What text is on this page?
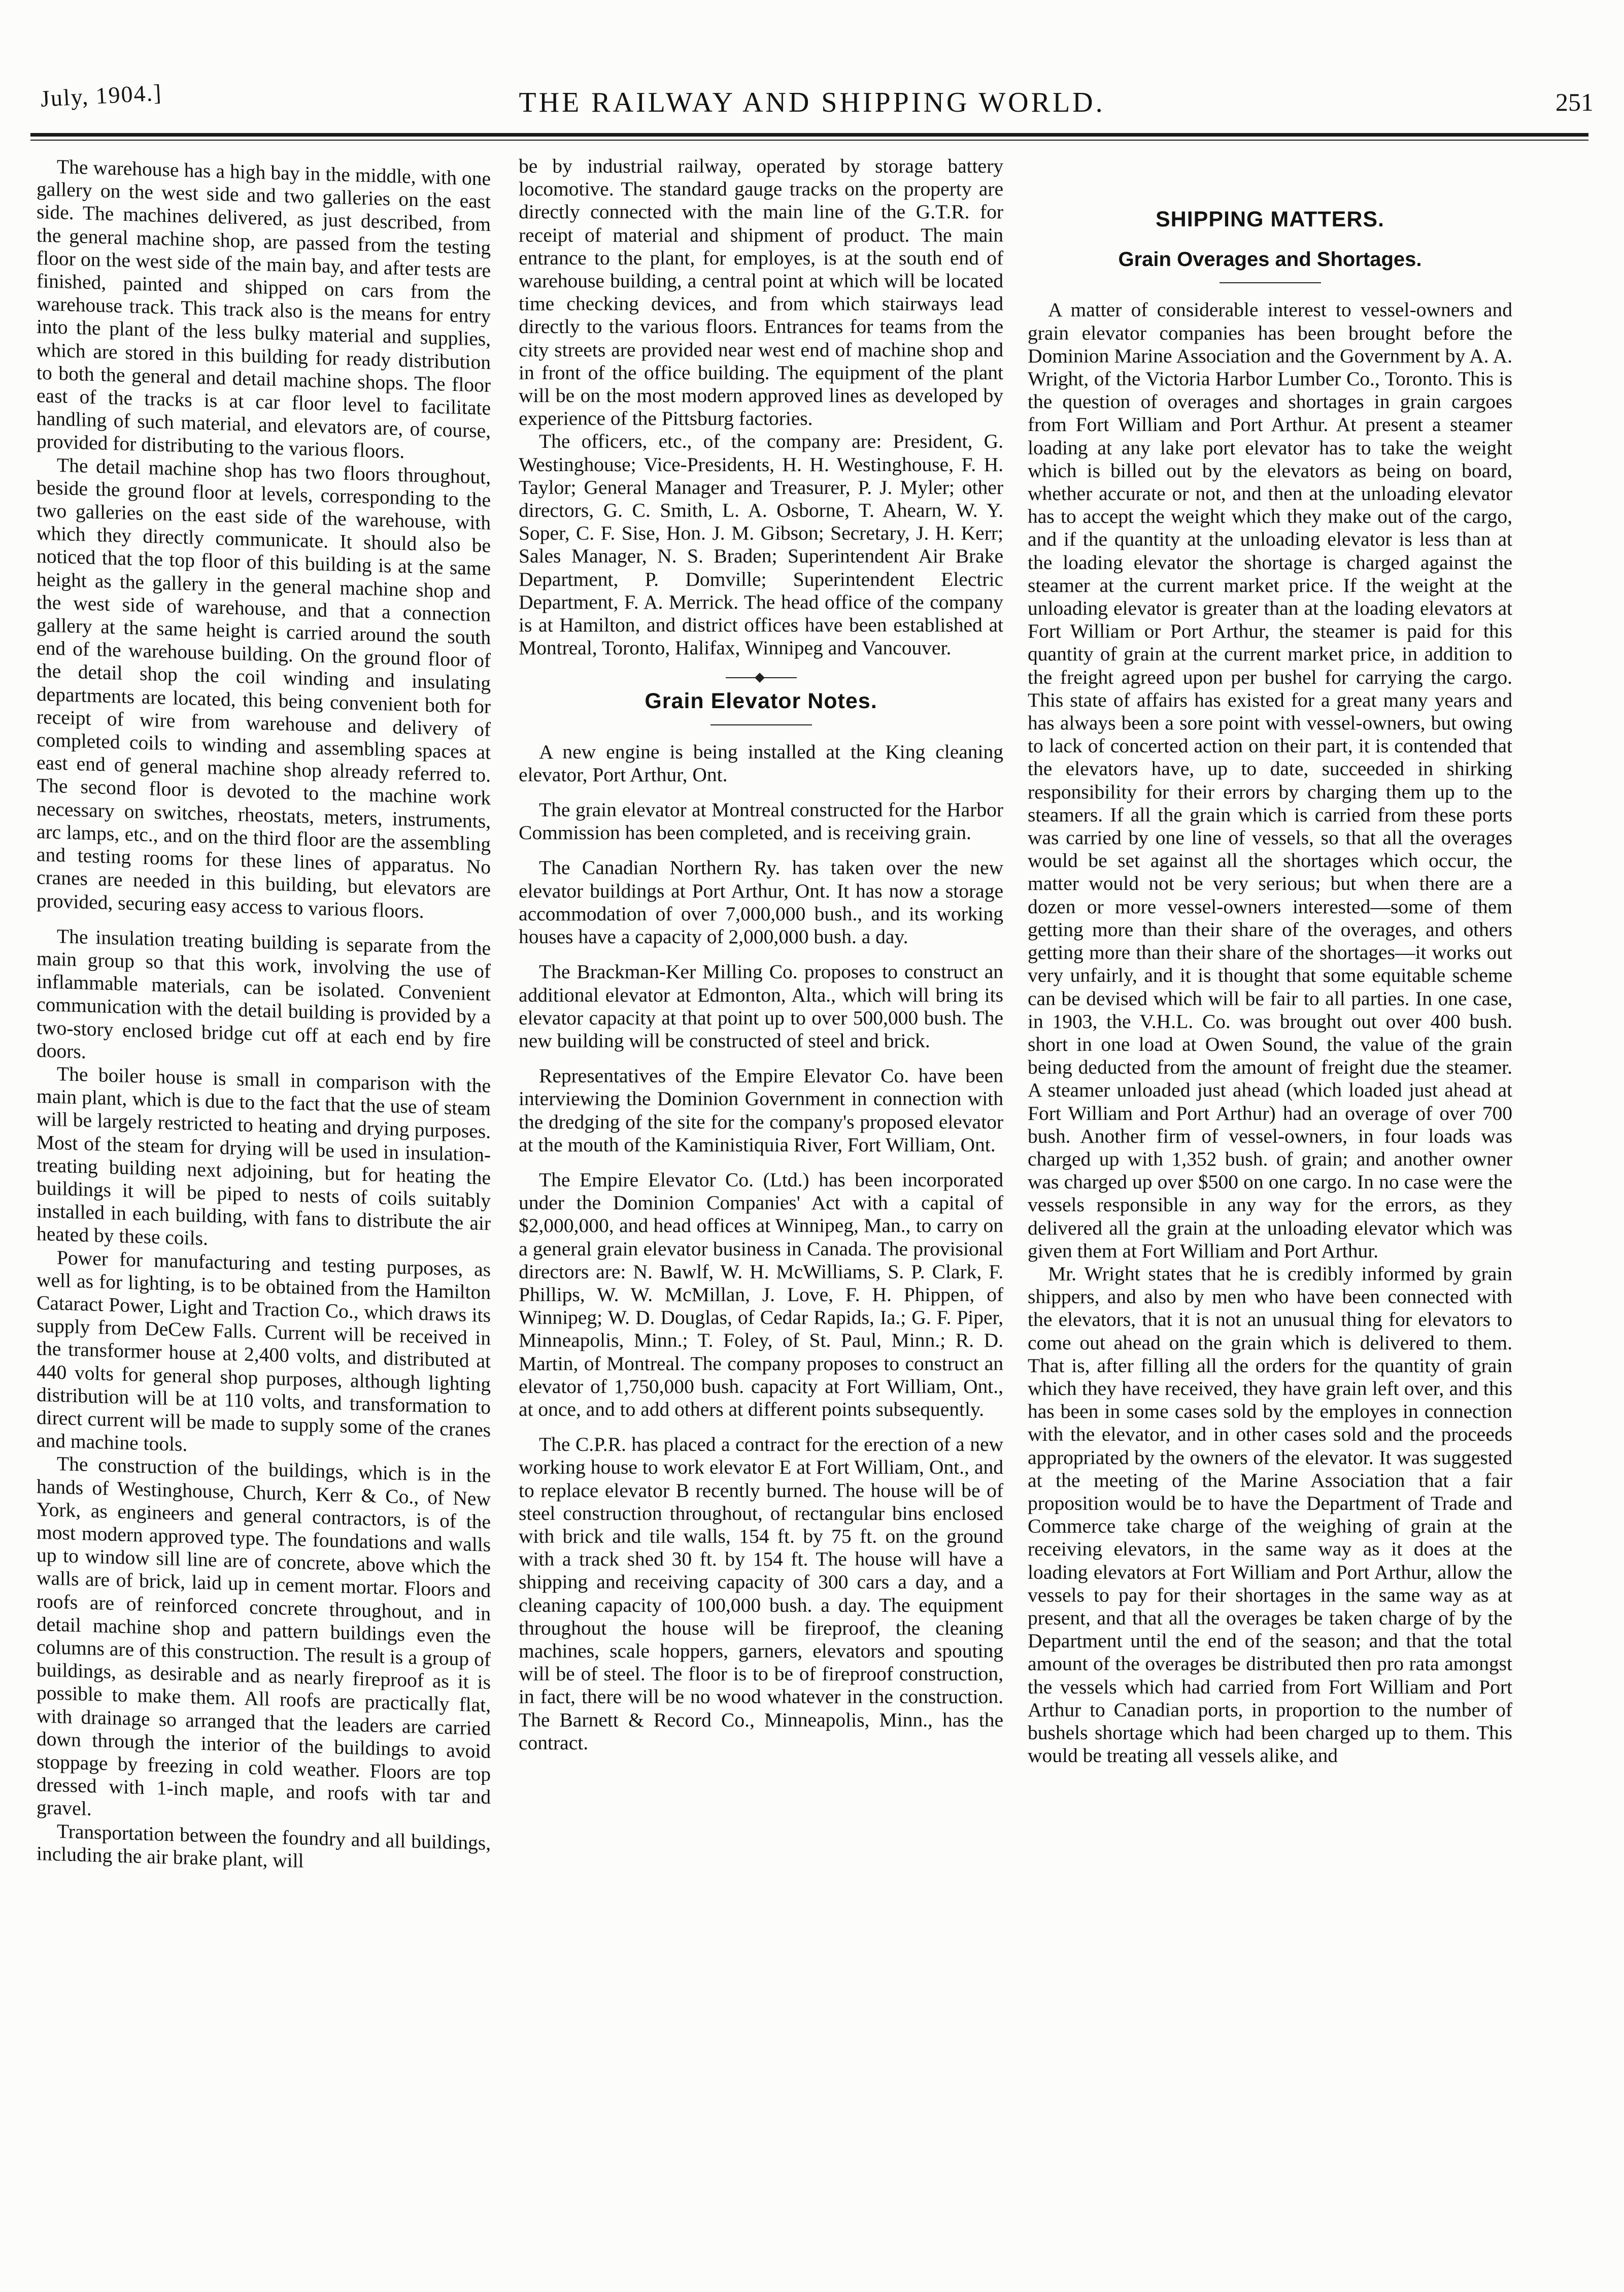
July, 1904.]	THE RAILWAY AND SHIPPING WORLD.	251

The warehouse has a high bay in the middle, with one gallery on the west side and two galleries on the east side. The machines delivered, as just described, from the general machine shop, are passed from the testing floor on the west side of the main bay, and after tests are finished, painted and shipped on cars from the warehouse track. This track also is the means for entry into the plant of the less bulky material and supplies, which are stored in this building for ready distribution to both the general and detail machine shops. The floor east of the tracks is at car floor level to facilitate handling of such material, and elevators are, of course, provided for distributing to the various floors.

The detail machine shop has two floors throughout, beside the ground floor at levels, corresponding to the two galleries on the east side of the warehouse, with which they directly communicate. It should also be noticed that the top floor of this building is at the same height as the gallery in the general machine shop and the west side of warehouse, and that a connection gallery at the same height is carried around the south end of the warehouse building. On the ground floor of the detail shop the coil winding and insulating departments are located, this being convenient both for receipt of wire from warehouse and delivery of completed coils to winding and assembling spaces at east end of general machine shop already referred to. The second floor is devoted to the machine work necessary on switches, rheostats, meters, instruments, arc lamps, etc., and on the third floor are the assembling and testing rooms for these lines of apparatus. No cranes are needed in this building, but elevators are provided, securing easy access to various floors.

The insulation treating building is separate from the main group so that this work, involving the use of inflammable materials, can be isolated. Convenient communication with the detail building is provided by a two-story enclosed bridge cut off at each end by fire doors.

The boiler house is small in comparison with the main plant, which is due to the fact that the use of steam will be largely restricted to heating and drying purposes. Most of the steam for drying will be used in insulation-treating building next adjoining, but for heating the buildings it will be piped to nests of coils suitably installed in each building, with fans to distribute the air heated by these coils.

Power for manufacturing and testing purposes, as well as for lighting, is to be obtained from the Hamilton Cataract Power, Light and Traction Co., which draws its supply from DeCew Falls. Current will be received in the transformer house at 2,400 volts, and distributed at 440 volts for general shop purposes, although lighting distribution will be at 110 volts, and transformation to direct current will be made to supply some of the cranes and machine tools.

The construction of the buildings, which is in the hands of Westinghouse, Church, Kerr & Co., of New York, as engineers and general contractors, is of the most modern approved type. The foundations and walls up to window sill line are of concrete, above which the walls are of brick, laid up in cement mortar. Floors and roofs are of reinforced concrete throughout, and in detail machine shop and pattern buildings even the columns are of this construction. The result is a group of buildings, as desirable and as nearly fireproof as it is possible to make them. All roofs are practically flat, with drainage so arranged that the leaders are carried down through the interior of the buildings to avoid stoppage by freezing in cold weather. Floors are top dressed with 1-inch maple, and roofs with tar and gravel.

Transportation between the foundry and all buildings, including the air brake plant, will

be by industrial railway, operated by storage battery locomotive. The standard gauge tracks on the property are directly connected with the main line of the G.T.R. for receipt of material and shipment of product. The main entrance to the plant, for employes, is at the south end of warehouse building, a central point at which will be located time checking devices, and from which stairways lead directly to the various floors. Entrances for teams from the city streets are provided near west end of machine shop and in front of the office building. The equipment of the plant will be on the most modern approved lines as developed by experience of the Pittsburg factories.

The officers, etc., of the company are: President, G. Westinghouse; Vice-Presidents, H. H. Westinghouse, F. H. Taylor; General Manager and Treasurer, P. J. Myler; other directors, G. C. Smith, L. A. Osborne, T. Ahearn, W. Y. Soper, C. F. Sise, Hon. J. M. Gibson; Secretary, J. H. Kerr; Sales Manager, N. S. Braden; Superintendent Air Brake Department, P. Domville; Superintendent Electric Department, F. A. Merrick. The head office of the company is at Hamilton, and district offices have been established at Montreal, Toronto, Halifax, Winnipeg and Vancouver.

Grain Elevator Notes.

A new engine is being installed at the King cleaning elevator, Port Arthur, Ont.

The grain elevator at Montreal constructed for the Harbor Commission has been completed, and is receiving grain.

The Canadian Northern Ry. has taken over the new elevator buildings at Port Arthur, Ont. It has now a storage accommodation of over 7,000,000 bush., and its working houses have a capacity of 2,000,000 bush. a day.

The Brackman-Ker Milling Co. proposes to construct an additional elevator at Edmonton, Alta., which will bring its elevator capacity at that point up to over 500,000 bush. The new building will be constructed of steel and brick.

Representatives of the Empire Elevator Co. have been interviewing the Dominion Government in connection with the dredging of the site for the company's proposed elevator at the mouth of the Kaministiquia River, Fort William, Ont.

The Empire Elevator Co. (Ltd.) has been incorporated under the Dominion Companies' Act with a capital of $2,000,000, and head offices at Winnipeg, Man., to carry on a general grain elevator business in Canada. The provisional directors are: N. Bawlf, W. H. McWilliams, S. P. Clark, F. Phillips, W. W. McMillan, J. Love, F. H. Phippen, of Winnipeg; W. D. Douglas, of Cedar Rapids, Ia.; G. F. Piper, Minneapolis, Minn.; T. Foley, of St. Paul, Minn.; R. D. Martin, of Montreal. The company proposes to construct an elevator of 1,750,000 bush. capacity at Fort William, Ont., at once, and to add others at different points subsequently.

The C.P.R. has placed a contract for the erection of a new working house to work elevator E at Fort William, Ont., and to replace elevator B recently burned. The house will be of steel construction throughout, of rectangular bins enclosed with brick and tile walls, 154 ft. by 75 ft. on the ground with a track shed 30 ft. by 154 ft. The house will have a shipping and receiving capacity of 300 cars a day, and a cleaning capacity of 100,000 bush. a day. The equipment throughout the house will be fireproof, the cleaning machines, scale hoppers, garners, elevators and spouting will be of steel. The floor is to be of fireproof construction, in fact, there will be no wood whatever in the construction. The Barnett & Record Co., Minneapolis, Minn., has the contract.

SHIPPING MATTERS.
Grain Overages and Shortages.

A matter of considerable interest to vessel-owners and grain elevator companies has been brought before the Dominion Marine Association and the Government by A. A. Wright, of the Victoria Harbor Lumber Co., Toronto. This is the question of overages and shortages in grain cargoes from Fort William and Port Arthur. At present a steamer loading at any lake port elevator has to take the weight which is billed out by the elevators as being on board, whether accurate or not, and then at the unloading elevator has to accept the weight which they make out of the cargo, and if the quantity at the unloading elevator is less than at the loading elevator the shortage is charged against the steamer at the current market price. If the weight at the unloading elevator is greater than at the loading elevators at Fort William or Port Arthur, the steamer is paid for this quantity of grain at the current market price, in addition to the freight agreed upon per bushel for carrying the cargo. This state of affairs has existed for a great many years and has always been a sore point with vessel-owners, but owing to lack of concerted action on their part, it is contended that the elevators have, up to date, succeeded in shirking responsibility for their errors by charging them up to the steamers. If all the grain which is carried from these ports was carried by one line of vessels, so that all the overages would be set against all the shortages which occur, the matter would not be very serious; but when there are a dozen or more vessel-owners interested—some of them getting more than their share of the overages, and others getting more than their share of the shortages—it works out very unfairly, and it is thought that some equitable scheme can be devised which will be fair to all parties. In one case, in 1903, the V.H.L. Co. was brought out over 400 bush. short in one load at Owen Sound, the value of the grain being deducted from the amount of freight due the steamer. A steamer unloaded just ahead (which loaded just ahead at Fort William and Port Arthur) had an overage of over 700 bush. Another firm of vessel-owners, in four loads was charged up with 1,352 bush. of grain; and another owner was charged up over $500 on one cargo. In no case were the vessels responsible in any way for the errors, as they delivered all the grain at the unloading elevator which was given them at Fort William and Port Arthur.

Mr. Wright states that he is credibly informed by grain shippers, and also by men who have been connected with the elevators, that it is not an unusual thing for elevators to come out ahead on the grain which is delivered to them. That is, after filling all the orders for the quantity of grain which they have received, they have grain left over, and this has been in some cases sold by the employes in connection with the elevator, and in other cases sold and the proceeds appropriated by the owners of the elevator. It was suggested at the meeting of the Marine Association that a fair proposition would be to have the Department of Trade and Commerce take charge of the weighing of grain at the receiving elevators, in the same way as it does at the loading elevators at Fort William and Port Arthur, allow the vessels to pay for their shortages in the same way as at present, and that all the overages be taken charge of by the Department until the end of the season; and that the total amount of the overages be distributed then pro rata amongst the vessels which had carried from Fort William and Port Arthur to Canadian ports, in proportion to the number of bushels shortage which had been charged up to them. This would be treating all vessels alike, and
